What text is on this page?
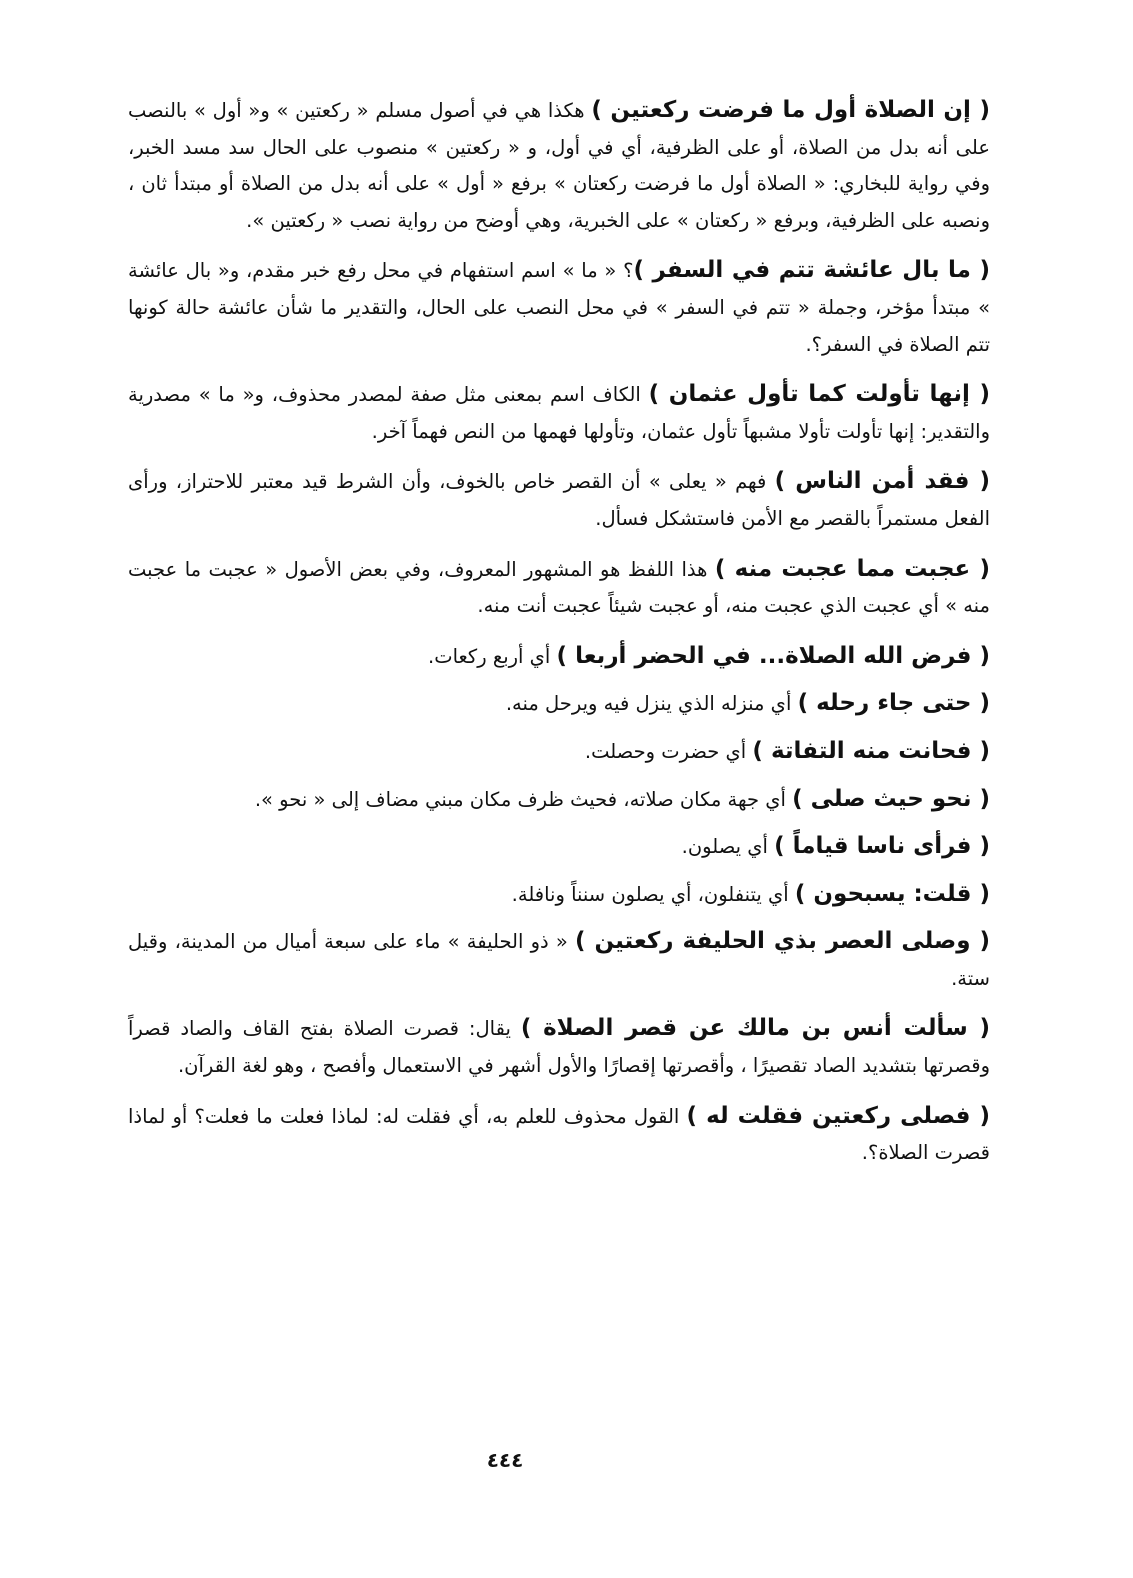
( إن الصلاة أول ما فرضت ركعتين ) هكذا هي في أصول مسلم « ركعتين » و« أول » بالنصب على أنه بدل من الصلاة، أو على الظرفية، أي في أول، و « ركعتين » منصوب على الحال سد مسد الخبر، وفي رواية للبخاري: « الصلاة أول ما فرضت ركعتان » برفع « أول » على أنه بدل من الصلاة أو مبتدأ ثان ، ونصبه على الظرفية، وبرفع « ركعتان » على الخبرية، وهي أوضح من رواية نصب « ركعتين ».

( ما بال عائشة تتم في السفر )؟ « ما » اسم استفهام في محل رفع خبر مقدم، و« بال عائشة » مبتدأ مؤخر، وجملة « تتم في السفر » في محل النصب على الحال، والتقدير ما شأن عائشة حالة كونها تتم الصلاة في السفر؟.

( إنها تأولت كما تأول عثمان ) الكاف اسم بمعنى مثل صفة لمصدر محذوف، و« ما » مصدرية والتقدير: إنها تأولت تأولا مشبهاً تأول عثمان، وتأولها فهمها من النص فهماً آخر.

( فقد أمن الناس ) فهم « يعلى » أن القصر خاص بالخوف، وأن الشرط قيد معتبر للاحتراز، ورأى الفعل مستمراً بالقصر مع الأمن فاستشكل فسأل.

( عجبت مما عجبت منه ) هذا اللفظ هو المشهور المعروف، وفي بعض الأصول « عجبت ما عجبت منه » أي عجبت الذي عجبت منه، أو عجبت شيئاً عجبت أنت منه.

( فرض الله الصلاة... في الحضر أربعا ) أي أربع ركعات.

( حتى جاء رحله ) أي منزله الذي ينزل فيه ويرحل منه.

( فحانت منه التفاتة ) أي حضرت وحصلت.

( نحو حيث صلى ) أي جهة مكان صلاته، فحيث ظرف مكان مبني مضاف إلى « نحو ».

( فرأى ناسا قياماً ) أي يصلون.

( قلت: يسبحون ) أي يتنفلون، أي يصلون سنناً ونافلة.

( وصلى العصر بذي الحليفة ركعتين ) « ذو الحليفة » ماء على سبعة أميال من المدينة، وقيل ستة.

( سألت أنس بن مالك عن قصر الصلاة ) يقال: قصرت الصلاة بفتح القاف والصاد قصراً وقصرتها بتشديد الصاد تقصيرًا ، وأقصرتها إقصارًا والأول أشهر في الاستعمال وأفصح ، وهو لغة القرآن.

( فصلى ركعتين فقلت له ) القول محذوف للعلم به، أي فقلت له: لماذا فعلت ما فعلت؟ أو لماذا قصرت الصلاة؟.

٤٤٤
